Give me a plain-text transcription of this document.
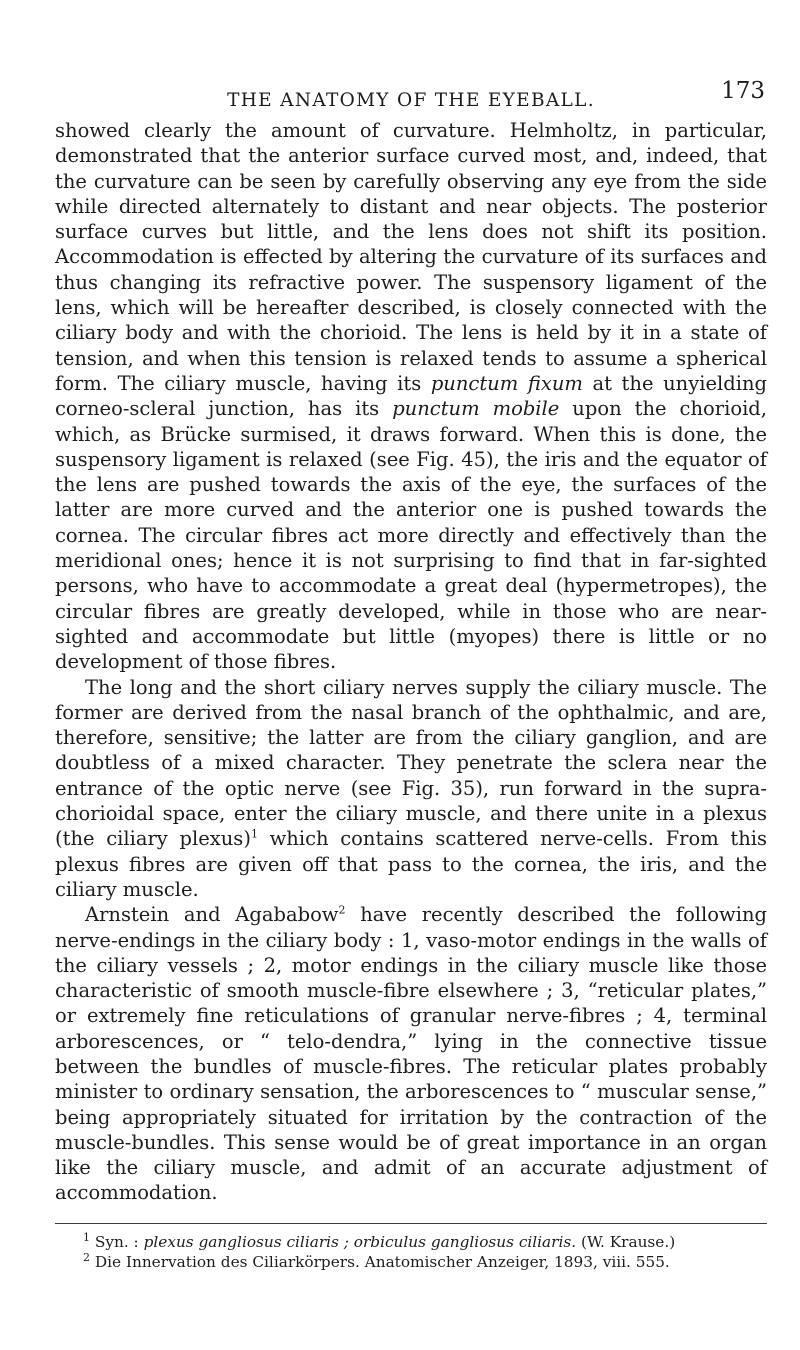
THE ANATOMY OF THE EYEBALL.	173

showed clearly the amount of curvature. Helmholtz, in particular, demonstrated that the anterior surface curved most, and, indeed, that the curvature can be seen by carefully observing any eye from the side while directed alternately to distant and near objects. The posterior surface curves but little, and the lens does not shift its position. Accommodation is effected by altering the curvature of its surfaces and thus changing its refractive power. The suspensory ligament of the lens, which will be hereafter described, is closely connected with the ciliary body and with the chorioid. The lens is held by it in a state of tension, and when this tension is relaxed tends to assume a spherical form. The ciliary muscle, having its punctum fixum at the unyielding corneo-scleral junction, has its punctum mobile upon the chorioid, which, as Brücke surmised, it draws forward. When this is done, the suspensory ligament is relaxed (see Fig. 45), the iris and the equator of the lens are pushed towards the axis of the eye, the surfaces of the latter are more curved and the anterior one is pushed towards the cornea. The circular fibres act more directly and effectively than the meridional ones; hence it is not surprising to find that in far-sighted persons, who have to accommodate a great deal (hypermetropes), the circular fibres are greatly developed, while in those who are near-sighted and accommodate but little (myopes) there is little or no development of those fibres.

The long and the short ciliary nerves supply the ciliary muscle. The former are derived from the nasal branch of the ophthalmic, and are, therefore, sensitive; the latter are from the ciliary ganglion, and are doubtless of a mixed character. They penetrate the sclera near the entrance of the optic nerve (see Fig. 35), run forward in the supra-chorioidal space, enter the ciliary muscle, and there unite in a plexus (the ciliary plexus)$^1$ which contains scattered nerve-cells. From this plexus fibres are given off that pass to the cornea, the iris, and the ciliary muscle.

Arnstein and Agababow$^2$ have recently described the following nerve-endings in the ciliary body : 1, vaso-motor endings in the walls of the ciliary vessels ; 2, motor endings in the ciliary muscle like those characteristic of smooth muscle-fibre elsewhere ; 3, “reticular plates,” or extremely fine reticulations of granular nerve-fibres ; 4, terminal arborescences, or “ telo-dendra,” lying in the connective tissue between the bundles of muscle-fibres. The reticular plates probably minister to ordinary sensation, the arborescences to “ muscular sense,” being appropriately situated for irritation by the contraction of the muscle-bundles. This sense would be of great importance in an organ like the ciliary muscle, and admit of an accurate adjustment of accommodation.

$^1$ Syn. : plexus gangliosus ciliaris ; orbiculus gangliosus ciliaris. (W. Krause.)

$^2$ Die Innervation des Ciliarkörpers. Anatomischer Anzeiger, 1893, viii. 555.
